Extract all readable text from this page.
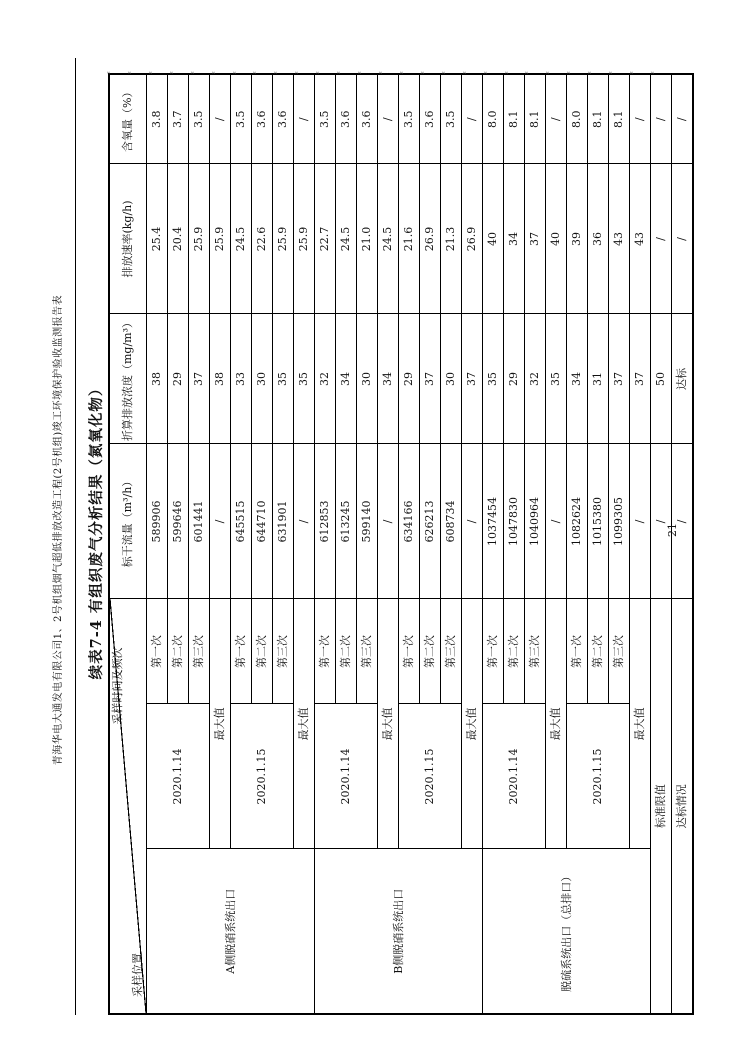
青海华电大通发电有限公司1、2号机组烟气超低排放改造工程(2号机组)竣工环境保护验收监测报告表 续表7-4 有组织废气分析结果（氮氧化物）
采样时间及频次
采样位置			标干流量（m³/h）	折算排放浓度（mg/m³）	排放速率(kg/h)	含氧量（%）
A侧脱硝系统出口	2020.1.14	第一次	589906	38	25.4	3.8
		第二次	599646	29	20.4	3.7
		第三次	601441	37	25.9	3.5
	最大值		/	38	25.9	/
	2020.1.15	第一次	645515	33	24.5	3.5
		第二次	644710	30	22.6	3.6
		第三次	631901	35	25.9	3.6
	最大值		/	35	25.9	/
B侧脱硝系统出口	2020.1.14	第一次	612853	32	22.7	3.5
		第二次	613245	34	24.5	3.6
		第三次	599140	30	21.0	3.6
	最大值		/	34	24.5	/
	2020.1.15	第一次	634166	29	21.6	3.5
		第二次	626213	37	26.9	3.6
		第三次	608734	30	21.3	3.5
	最大值		/	37	26.9	/
脱硫系统出口（总排口）	2020.1.14	第一次	1037454	35	40	8.0
		第二次	1047830	29	34	8.1
		第三次	1040964	32	37	8.1
	最大值		/	35	40	/
	2020.1.15	第一次	1082624	34	39	8.0
		第二次	1015380	31	36	8.1
		第三次	1099305	37	43	8.1
	最大值		/	37	43	/
标准限值			/	50	/	/
达标情况			/	达标	/	/
² ² ² ² ² ² ² ² ² ² ² ² ² ² ² ² ² ² ² ² ² ² ² ² ² ² ²
21
